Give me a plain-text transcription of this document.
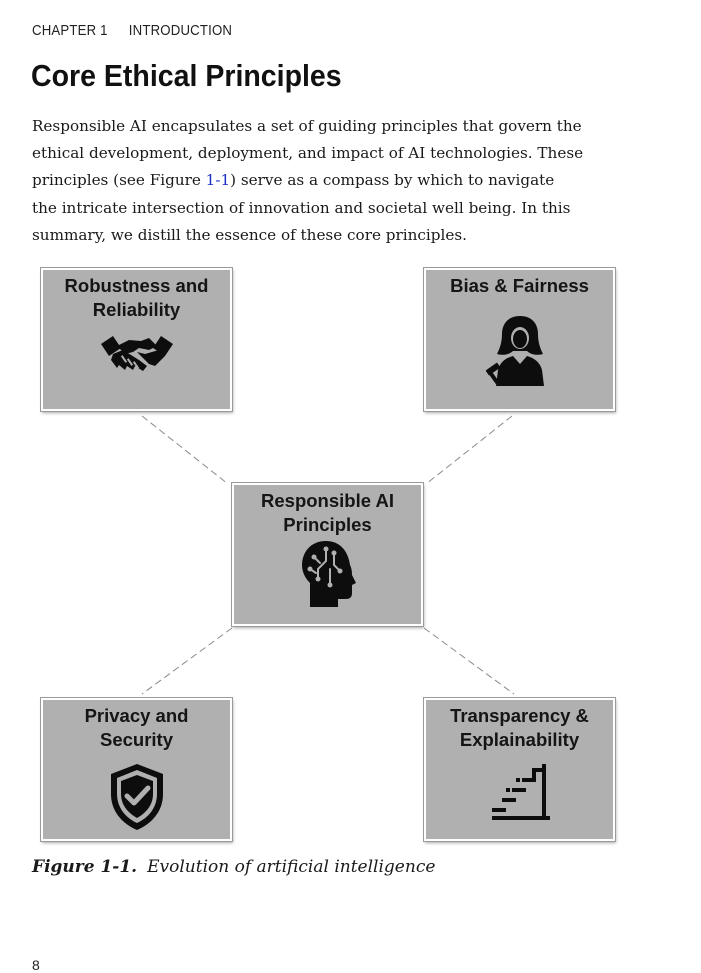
CHAPTER 1 INTRODUCTION
Core Ethical Principles

Responsible AI encapsulates a set of guiding principles that govern the
ethical development, deployment, and impact of AI technologies. These
principles (see Figure 1-1) serve as a compass by which to navigate
the intricate intersection of innovation and societal well being. In this
summary, we distill the essence of these core principles.

Robustness and Reliability
Bias & Fairness
Responsible AI Principles
Privacy and Security
Transparency & Explainability

Figure 1-1. Evolution of artificial intelligence

8
